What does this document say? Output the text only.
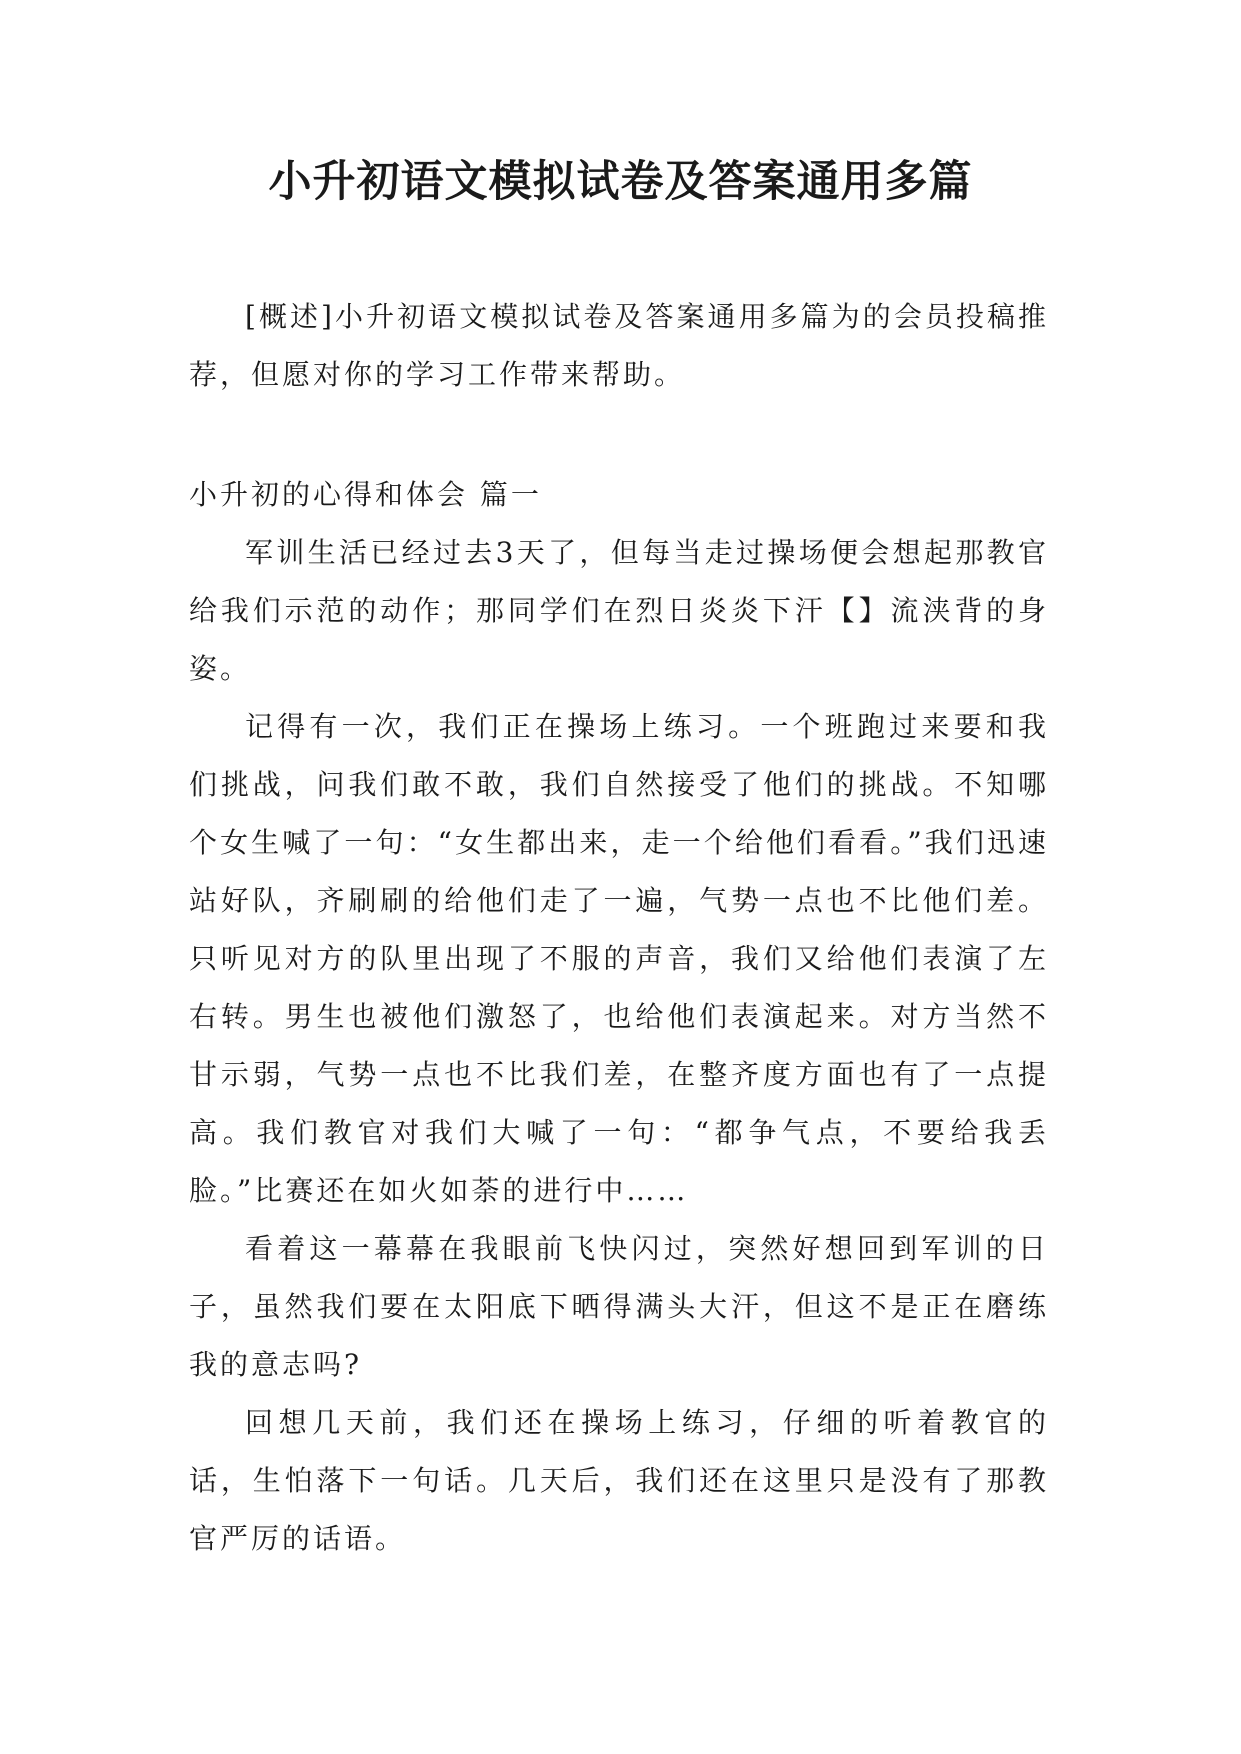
小升初语文模拟试卷及答案通用多篇

[概述]小升初语文模拟试卷及答案通用多篇为的会员投稿推荐，但愿对你的学习工作带来帮助。

小升初的心得和体会 篇一

军训生活已经过去3天了，但每当走过操场便会想起那教官给我们示范的动作；那同学们在烈日炎炎下汗【】流浃背的身姿。

记得有一次，我们正在操场上练习。一个班跑过来要和我们挑战，问我们敢不敢，我们自然接受了他们的挑战。不知哪个女生喊了一句：“女生都出来，走一个给他们看看。”我们迅速站好队，齐刷刷的给他们走了一遍，气势一点也不比他们差。只听见对方的队里出现了不服的声音，我们又给他们表演了左右转。男生也被他们激怒了，也给他们表演起来。对方当然不甘示弱，气势一点也不比我们差，在整齐度方面也有了一点提高。我们教官对我们大喊了一句：“都争气点，不要给我丢脸。”比赛还在如火如荼的进行中……

看着这一幕幕在我眼前飞快闪过，突然好想回到军训的日子，虽然我们要在太阳底下晒得满头大汗，但这不是正在磨练我的意志吗?

回想几天前，我们还在操场上练习，仔细的听着教官的话，生怕落下一句话。几天后，我们还在这里只是没有了那教官严厉的话语。
